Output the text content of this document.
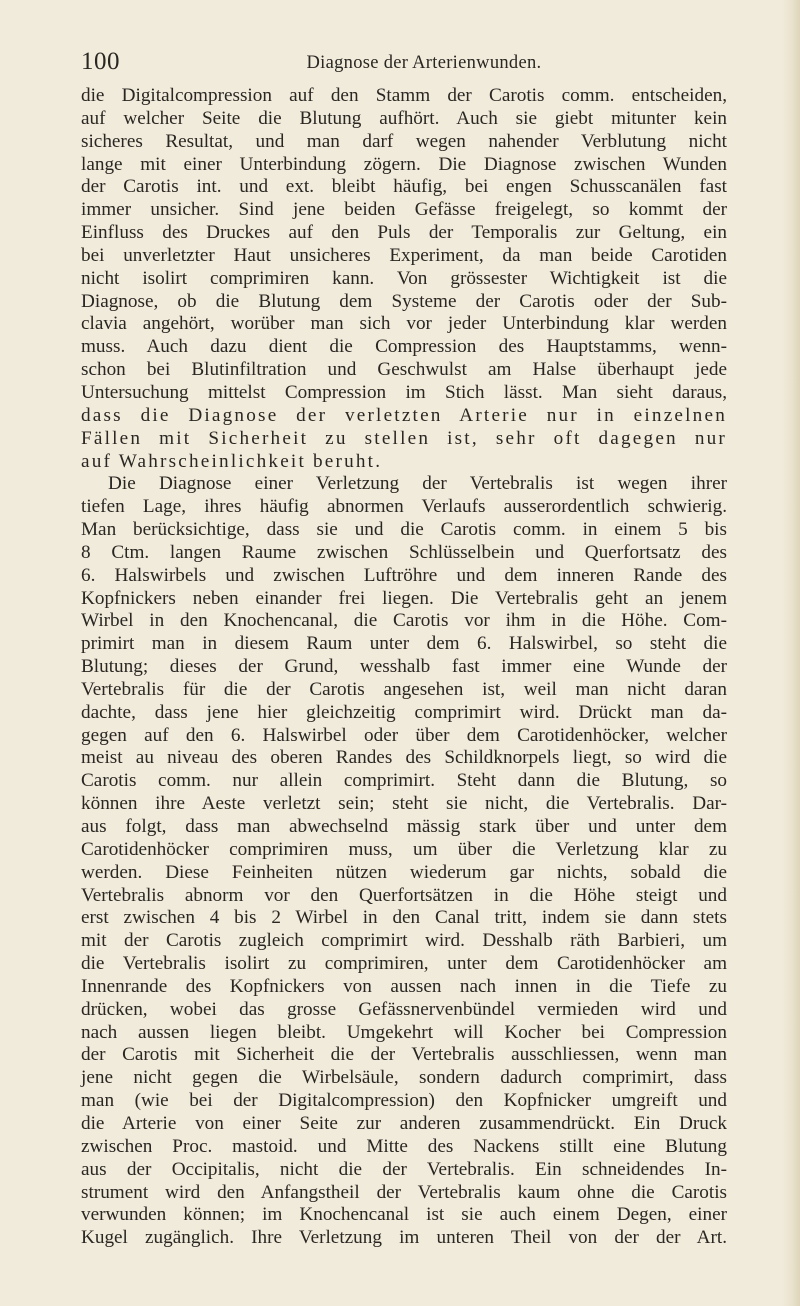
100	Diagnose der Arterienwunden.
die Digitalcompression auf den Stamm der Carotis comm. entscheiden,
auf welcher Seite die Blutung aufhört. Auch sie giebt mitunter kein
sicheres Resultat, und man darf wegen nahender Verblutung nicht
lange mit einer Unterbindung zögern. Die Diagnose zwischen Wunden
der Carotis int. und ext. bleibt häufig, bei engen Schusscanälen fast
immer unsicher. Sind jene beiden Gefässe freigelegt, so kommt der
Einfluss des Druckes auf den Puls der Temporalis zur Geltung, ein
bei unverletzter Haut unsicheres Experiment, da man beide Carotiden
nicht isolirt comprimiren kann. Von grössester Wichtigkeit ist die
Diagnose, ob die Blutung dem Systeme der Carotis oder der Sub-
clavia angehört, worüber man sich vor jeder Unterbindung klar werden
muss. Auch dazu dient die Compression des Hauptstamms, wenn-
schon bei Blutinfiltration und Geschwulst am Halse überhaupt jede
Untersuchung mittelst Compression im Stich lässt. Man sieht daraus,
dass die Diagnose der verletzten Arterie nur in einzelnen
Fällen mit Sicherheit zu stellen ist, sehr oft dagegen nur
auf Wahrscheinlichkeit beruht.
Die Diagnose einer Verletzung der Vertebralis ist wegen ihrer
tiefen Lage, ihres häufig abnormen Verlaufs ausserordentlich schwierig.
Man berücksichtige, dass sie und die Carotis comm. in einem 5 bis
8 Ctm. langen Raume zwischen Schlüsselbein und Querfortsatz des
6. Halswirbels und zwischen Luftröhre und dem inneren Rande des
Kopfnickers neben einander frei liegen. Die Vertebralis geht an jenem
Wirbel in den Knochencanal, die Carotis vor ihm in die Höhe. Com-
primirt man in diesem Raum unter dem 6. Halswirbel, so steht die
Blutung; dieses der Grund, wesshalb fast immer eine Wunde der
Vertebralis für die der Carotis angesehen ist, weil man nicht daran
dachte, dass jene hier gleichzeitig comprimirt wird. Drückt man da-
gegen auf den 6. Halswirbel oder über dem Carotidenhöcker, welcher
meist au niveau des oberen Randes des Schildknorpels liegt, so wird die
Carotis comm. nur allein comprimirt. Steht dann die Blutung, so
können ihre Aeste verletzt sein; steht sie nicht, die Vertebralis. Dar-
aus folgt, dass man abwechselnd mässig stark über und unter dem
Carotidenhöcker comprimiren muss, um über die Verletzung klar zu
werden. Diese Feinheiten nützen wiederum gar nichts, sobald die
Vertebralis abnorm vor den Querfortsätzen in die Höhe steigt und
erst zwischen 4 bis 2 Wirbel in den Canal tritt, indem sie dann stets
mit der Carotis zugleich comprimirt wird. Desshalb räth Barbieri, um
die Vertebralis isolirt zu comprimiren, unter dem Carotidenhöcker am
Innenrande des Kopfnickers von aussen nach innen in die Tiefe zu
drücken, wobei das grosse Gefässnervenbündel vermieden wird und
nach aussen liegen bleibt. Umgekehrt will Kocher bei Compression
der Carotis mit Sicherheit die der Vertebralis ausschliessen, wenn man
jene nicht gegen die Wirbelsäule, sondern dadurch comprimirt, dass
man (wie bei der Digitalcompression) den Kopfnicker umgreift und
die Arterie von einer Seite zur anderen zusammendrückt. Ein Druck
zwischen Proc. mastoid. und Mitte des Nackens stillt eine Blutung
aus der Occipitalis, nicht die der Vertebralis. Ein schneidendes In-
strument wird den Anfangstheil der Vertebralis kaum ohne die Carotis
verwunden können; im Knochencanal ist sie auch einem Degen, einer
Kugel zugänglich. Ihre Verletzung im unteren Theil von der der Art.
